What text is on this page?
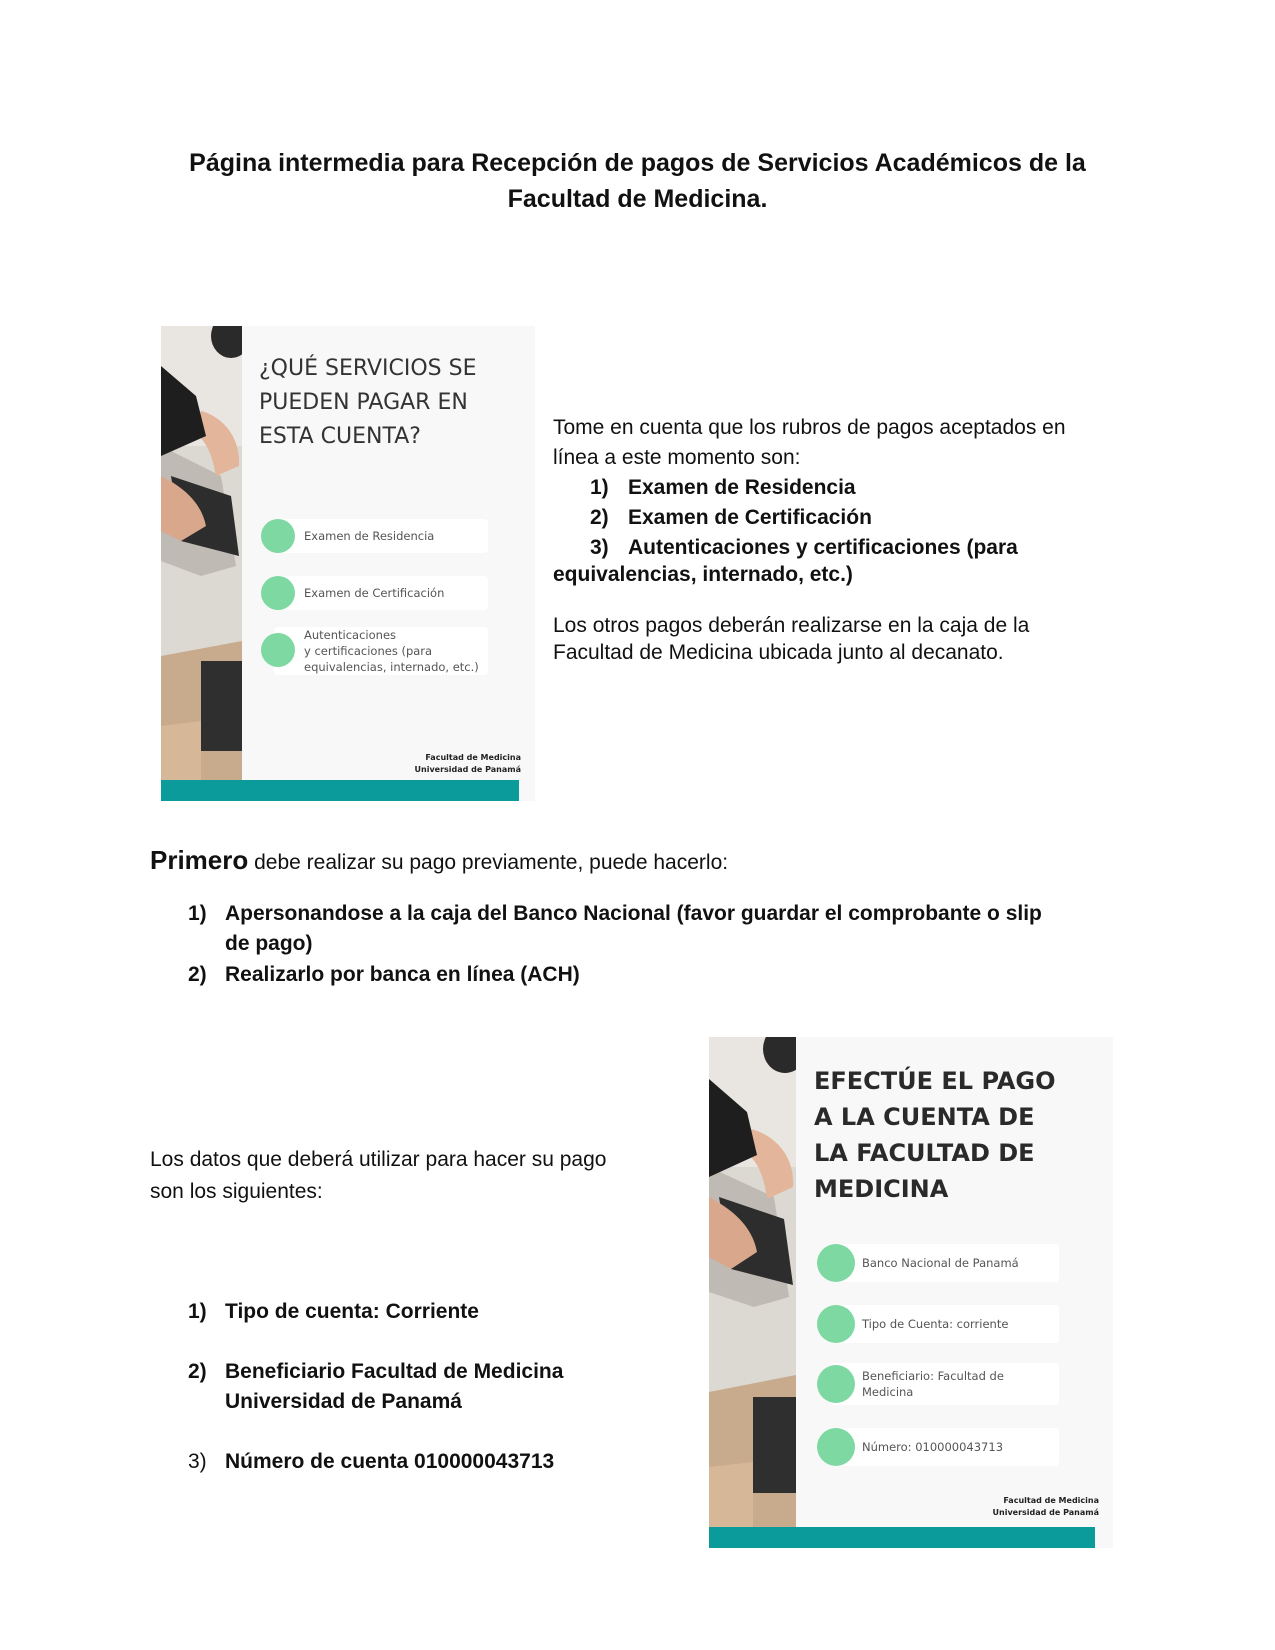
Página intermedia para Recepción de pagos de Servicios Académicos de la
Facultad de Medicina.
¿QUÉ SERVICIOS SE
PUEDEN PAGAR EN
ESTA CUENTA?
Examen de Residencia
Examen de Certificación
Autenticaciones
y certificaciones (para
equivalencias, internado, etc.)
Facultad de Medicina
Universidad de Panamá
Tome en cuenta que los rubros de pagos aceptados en
línea a este momento son:
1) Examen de Residencia
2) Examen de Certificación
3) Autenticaciones y certificaciones (para
equivalencias, internado, etc.)
Los otros pagos deberán realizarse en la caja de la
Facultad de Medicina ubicada junto al decanato.
Primero debe realizar su pago previamente, puede hacerlo:
1) Apersonandose a la caja del Banco Nacional (favor guardar el comprobante o slip
de pago)
2) Realizarlo por banca en línea (ACH)
Los datos que deberá utilizar para hacer su pago
son los siguientes:
1) Tipo de cuenta: Corriente
2) Beneficiario Facultad de Medicina
Universidad de Panamá
3) Número de cuenta 010000043713
EFECTÚE EL PAGO
A LA CUENTA DE
LA FACULTAD DE
MEDICINA
Banco Nacional de Panamá
Tipo de Cuenta: corriente
Beneficiario: Facultad de
Medicina
Número: 010000043713
Facultad de Medicina
Universidad de Panamá
